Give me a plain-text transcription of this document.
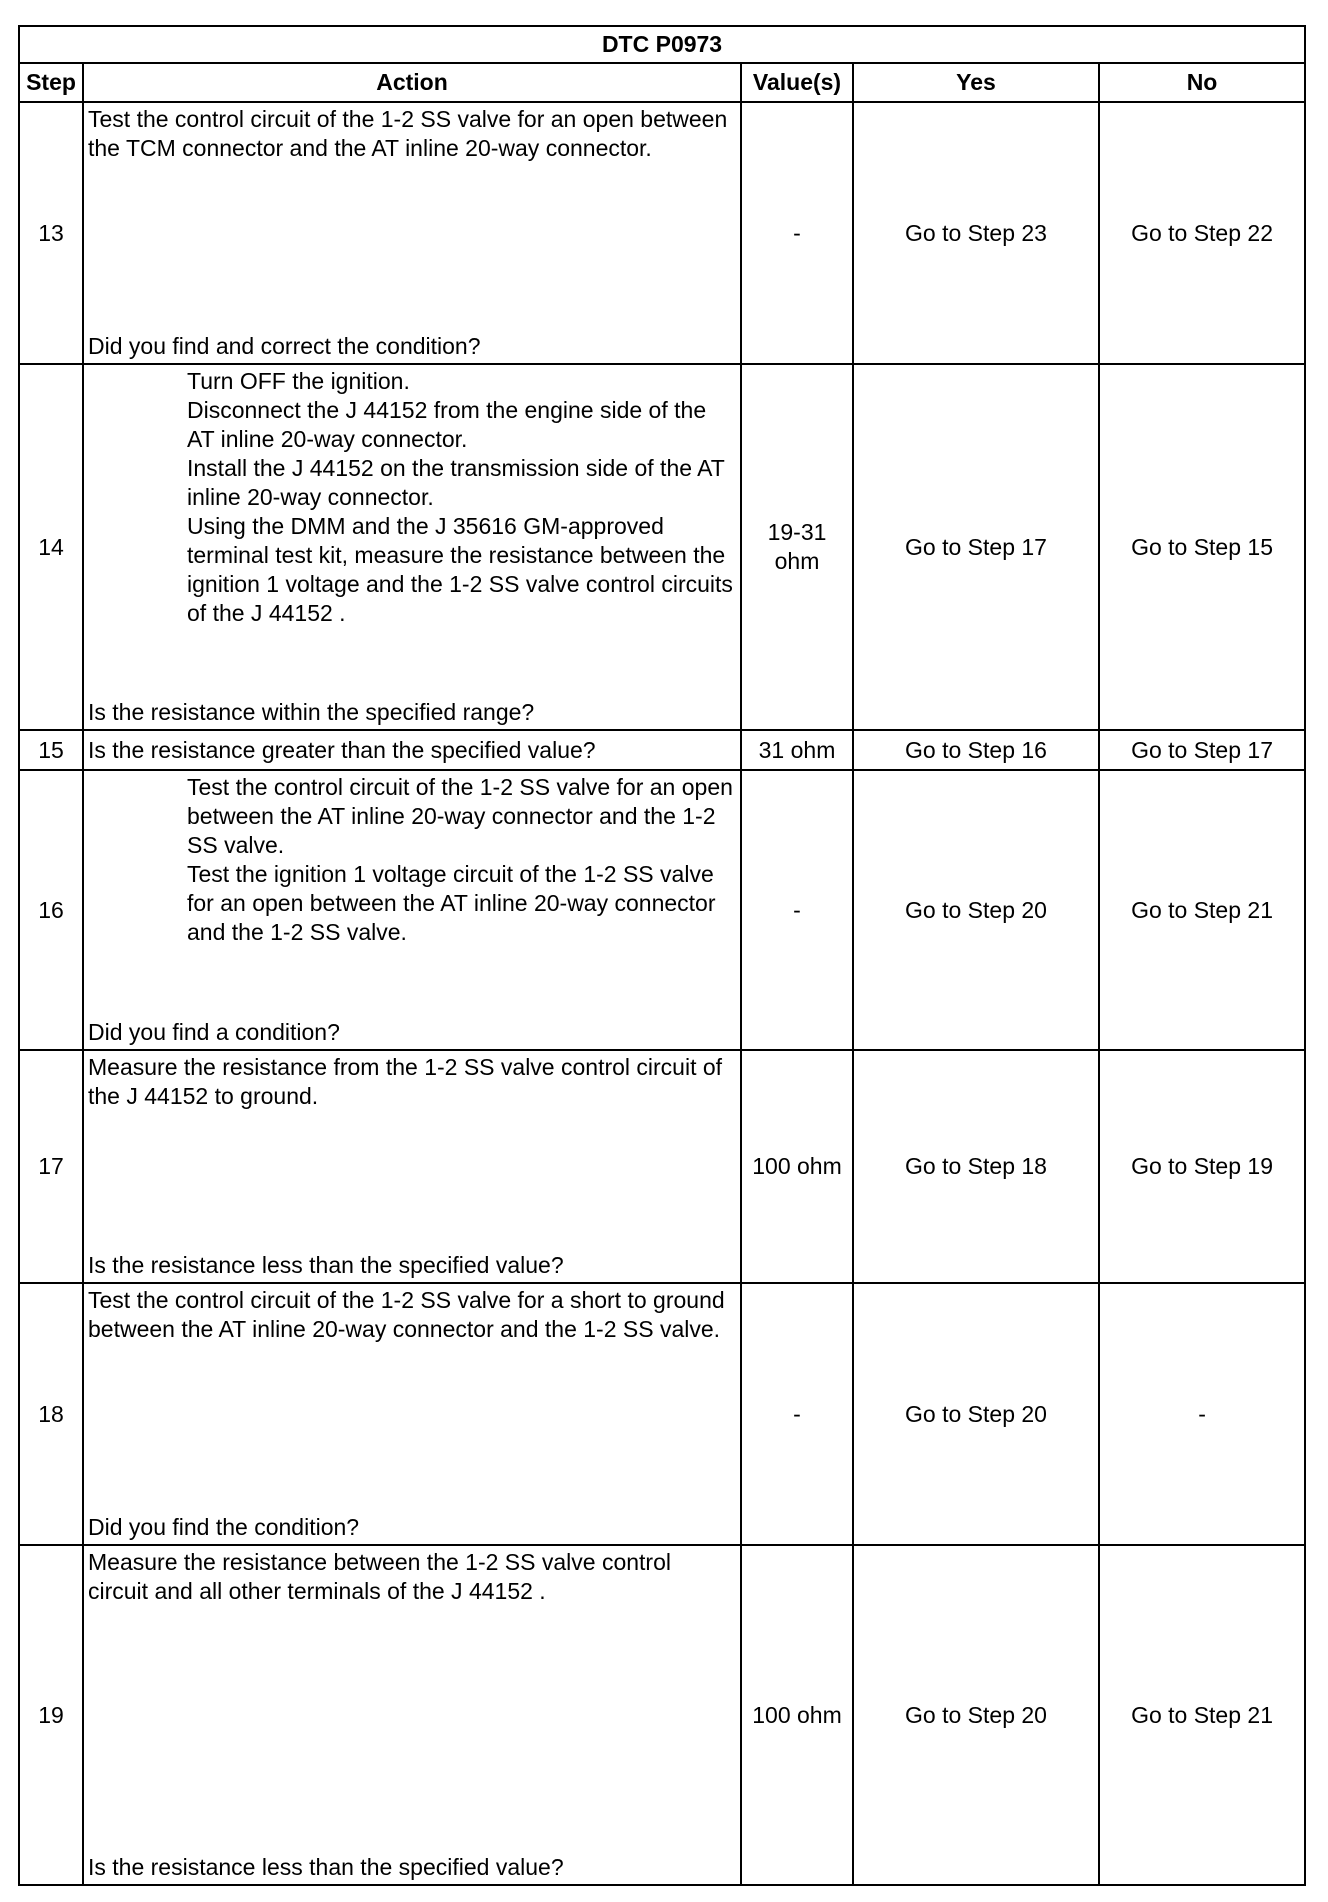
DTC P0973				
Step	Action	Value(s)	Yes	No
13	Test the control circuit of the 1-2 SS valve for an open between the TCM connector and the AT inline 20-way connector.
Did you find and correct the condition?	-	Go to Step 23	Go to Step 22
14	Turn OFF the ignition.
Disconnect the J 44152 from the engine side of the AT inline 20-way connector.
Install the J 44152 on the transmission side of the AT inline 20-way connector.
Using the DMM and the J 35616 GM-approved terminal test kit, measure the resistance between the ignition 1 voltage and the 1-2 SS valve control circuits of the J 44152 .
Is the resistance within the specified range?	19-31 ohm	Go to Step 17	Go to Step 15
15	Is the resistance greater than the specified value?	31 ohm	Go to Step 16	Go to Step 17
16	Test the control circuit of the 1-2 SS valve for an open between the AT inline 20-way connector and the 1-2 SS valve.
Test the ignition 1 voltage circuit of the 1-2 SS valve for an open between the AT inline 20-way connector and the 1-2 SS valve.
Did you find a condition?	-	Go to Step 20	Go to Step 21
17	Measure the resistance from the 1-2 SS valve control circuit of the J 44152 to ground.
Is the resistance less than the specified value?	100 ohm	Go to Step 18	Go to Step 19
18	Test the control circuit of the 1-2 SS valve for a short to ground between the AT inline 20-way connector and the 1-2 SS valve.
Did you find the condition?	-	Go to Step 20	-
19	Measure the resistance between the 1-2 SS valve control circuit and all other terminals of the J 44152 .
Is the resistance less than the specified value?	100 ohm	Go to Step 20	Go to Step 21
